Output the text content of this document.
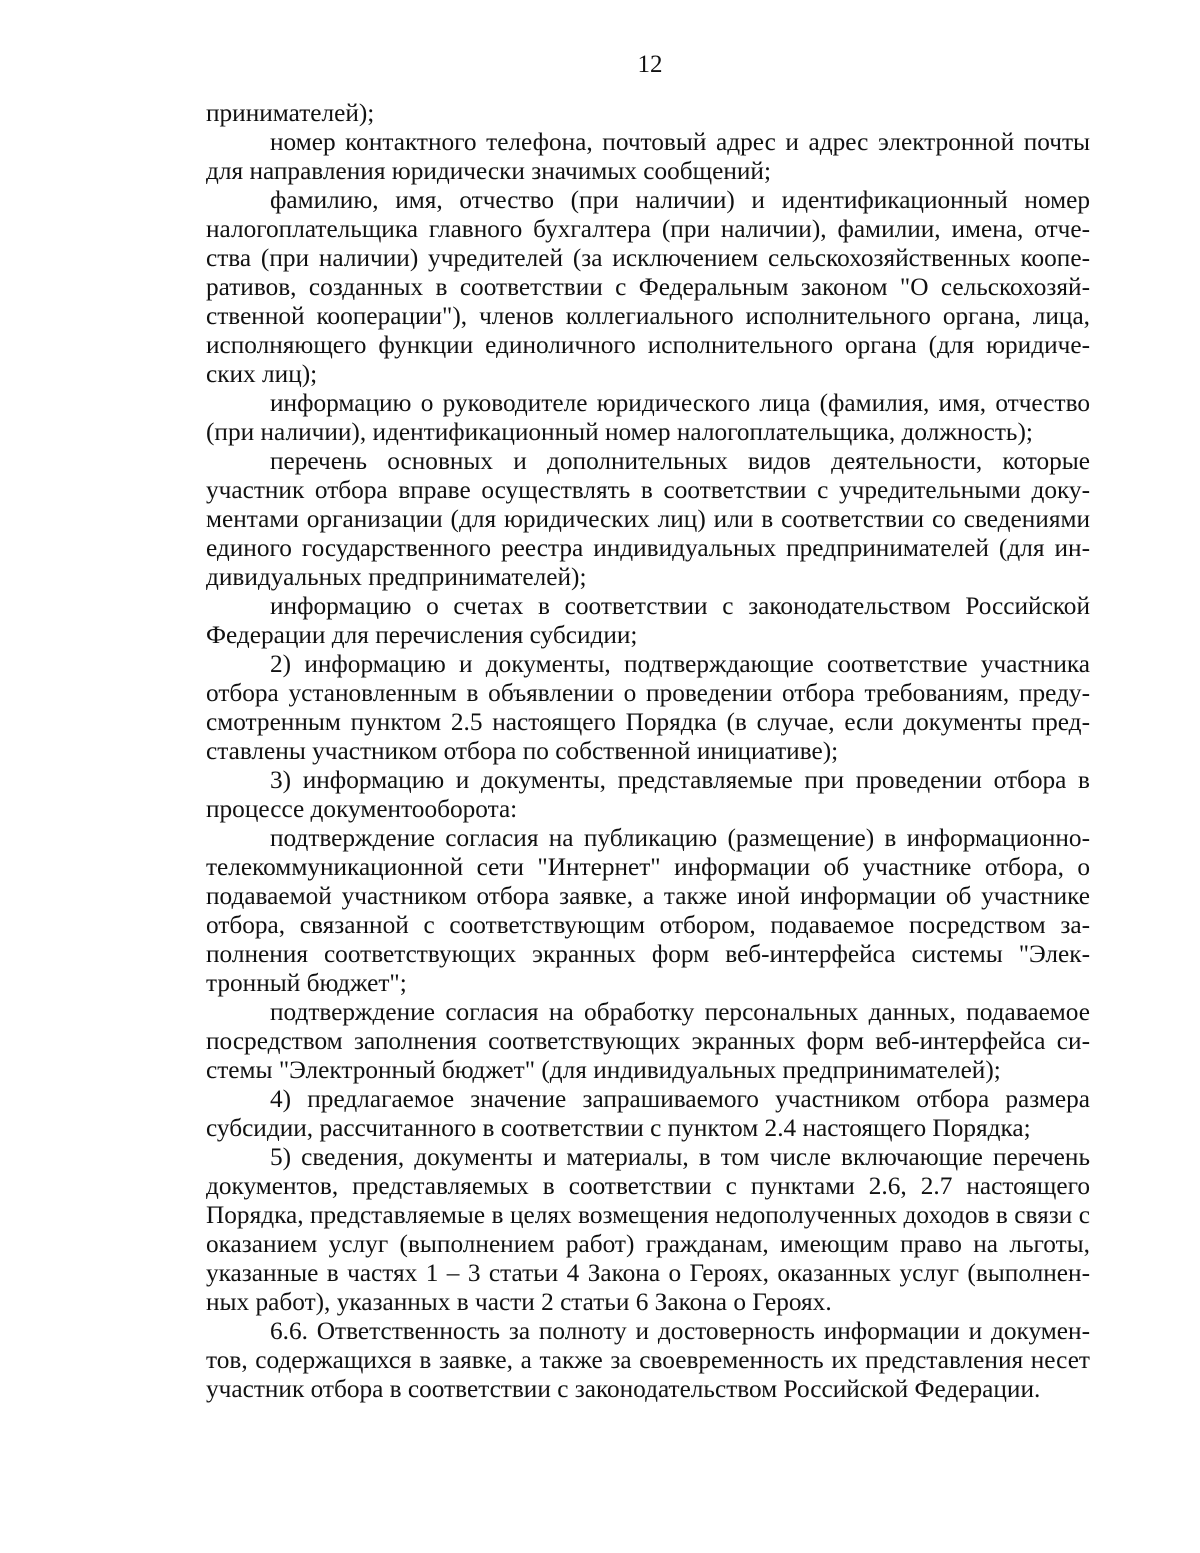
12

принимателей);

номер контактного телефона, почтовый адрес и адрес электронной почты для направления юридически значимых сообщений;

фамилию, имя, отчество (при наличии) и идентификационный номер налогоплательщика главного бухгалтера (при наличии), фамилии, имена, отчества (при наличии) учредителей (за исключением сельскохозяйственных кооперативов, созданных в соответствии с Федеральным законом "О сельскохозяйственной кооперации"), членов коллегиального исполнительного органа, лица, исполняющего функции единоличного исполнительного органа (для юридических лиц);

информацию о руководителе юридического лица (фамилия, имя, отчество (при наличии), идентификационный номер налогоплательщика, должность);

перечень основных и дополнительных видов деятельности, которые участник отбора вправе осуществлять в соответствии с учредительными документами организации (для юридических лиц) или в соответствии со сведениями единого государственного реестра индивидуальных предпринимателей (для индивидуальных предпринимателей);

информацию о счетах в соответствии с законодательством Российской Федерации для перечисления субсидии;

2) информацию и документы, подтверждающие соответствие участника отбора установленным в объявлении о проведении отбора требованиям, предусмотренным пунктом 2.5 настоящего Порядка (в случае, если документы представлены участником отбора по собственной инициативе);

3) информацию и документы, представляемые при проведении отбора в процессе документооборота:

подтверждение согласия на публикацию (размещение) в информационно-телекоммуникационной сети "Интернет" информации об участнике отбора, о подаваемой участником отбора заявке, а также иной информации об участнике отбора, связанной с соответствующим отбором, подаваемое посредством заполнения соответствующих экранных форм веб-интерфейса системы "Электронный бюджет";

подтверждение согласия на обработку персональных данных, подаваемое посредством заполнения соответствующих экранных форм веб-интерфейса системы "Электронный бюджет" (для индивидуальных предпринимателей);

4) предлагаемое значение запрашиваемого участником отбора размера субсидии, рассчитанного в соответствии с пунктом 2.4 настоящего Порядка;

5) сведения, документы и материалы, в том числе включающие перечень документов, представляемых в соответствии с пунктами 2.6, 2.7 настоящего Порядка, представляемые в целях возмещения недополученных доходов в связи с оказанием услуг (выполнением работ) гражданам, имеющим право на льготы, указанные в частях 1 – 3 статьи 4 Закона о Героях, оказанных услуг (выполненных работ), указанных в части 2 статьи 6 Закона о Героях.

6.6. Ответственность за полноту и достоверность информации и документов, содержащихся в заявке, а также за своевременность их представления несет участник отбора в соответствии с законодательством Российской Федерации.
